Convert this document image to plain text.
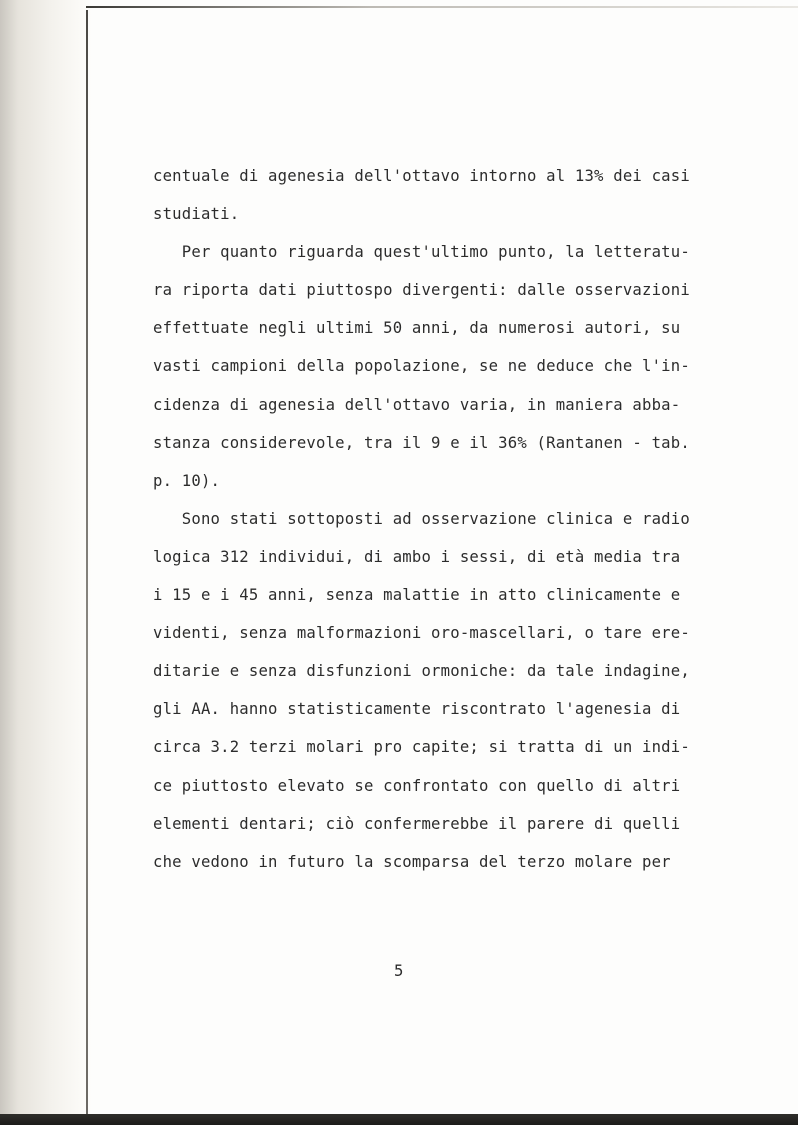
centuale di agenesia dell'ottavo intorno al 13% dei casi
studiati.
Per quanto riguarda quest'ultimo punto, la letteratu-
ra riporta dati piuttospo divergenti: dalle osservazioni
effettuate negli ultimi 50 anni, da numerosi autori, su
vasti campioni della popolazione, se ne deduce che l'in-
cidenza di agenesia dell'ottavo varia, in maniera abba-
stanza considerevole, tra il 9 e il 36% (Rantanen - tab.
p. 10).
Sono stati sottoposti ad osservazione clinica e radio
logica 312 individui, di ambo i sessi, di età media tra
i 15 e i 45 anni, senza malattie in atto clinicamente e
videnti, senza malformazioni oro-mascellari, o tare ere-
ditarie e senza disfunzioni ormoniche: da tale indagine,
gli AA. hanno statisticamente riscontrato l'agenesia di
circa 3.2 terzi molari pro capite; si tratta di un indi-
ce piuttosto elevato se confrontato con quello di altri
elementi dentari; ciò confermerebbe il parere di quelli
che vedono in futuro la scomparsa del terzo molare per
5
